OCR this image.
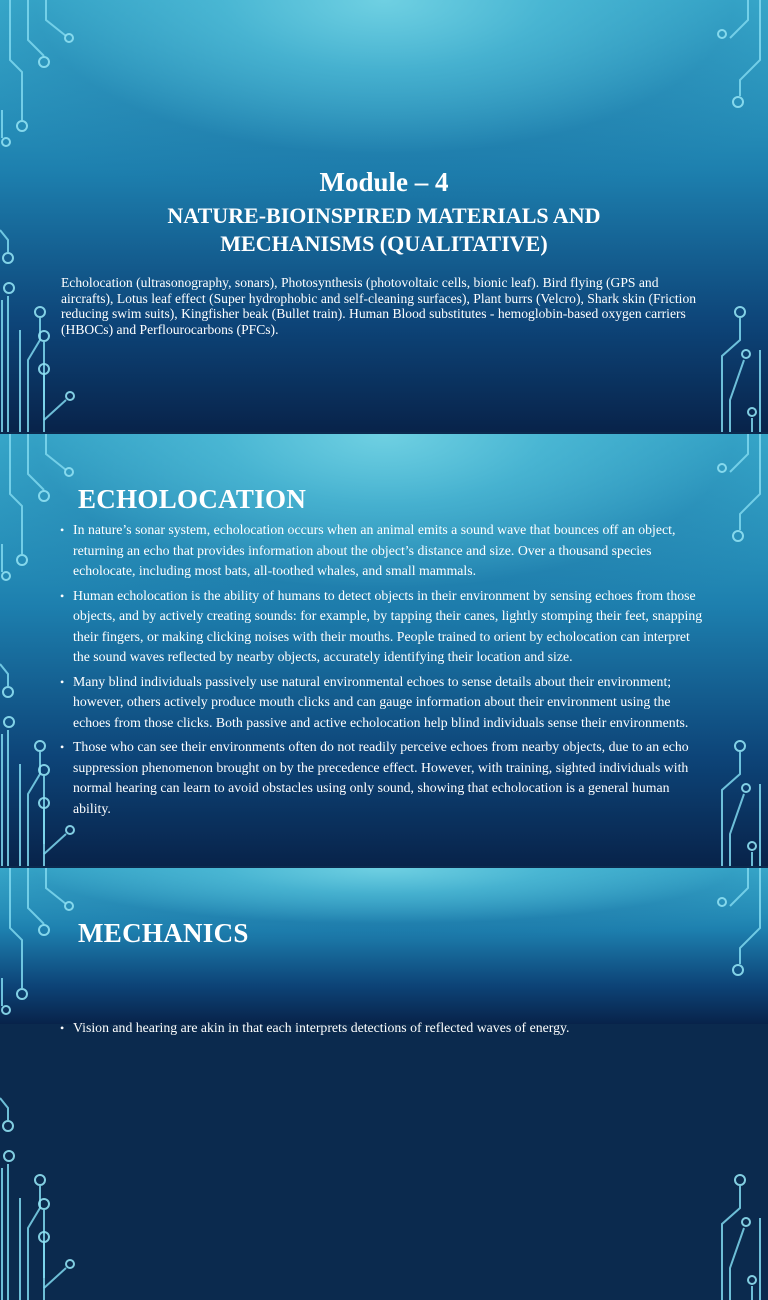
Module – 4
NATURE-BIOINSPIRED MATERIALS AND MECHANISMS (QUALITATIVE)

Echolocation (ultrasonography, sonars), Photosynthesis (photovoltaic cells, bionic leaf). Bird flying (GPS and aircrafts), Lotus leaf effect (Super hydrophobic and self-cleaning surfaces), Plant burrs (Velcro), Shark skin (Friction reducing swim suits), Kingfisher beak (Bullet train). Human Blood substitutes - hemoglobin-based oxygen carriers (HBOCs) and Perflourocarbons (PFCs).

ECHOLOCATION
• In nature’s sonar system, echolocation occurs when an animal emits a sound wave that bounces off an object, returning an echo that provides information about the object’s distance and size. Over a thousand species echolocate, including most bats, all-toothed whales, and small mammals.
• Human echolocation is the ability of humans to detect objects in their environment by sensing echoes from those objects, and by actively creating sounds: for example, by tapping their canes, lightly stomping their feet, snapping their fingers, or making clicking noises with their mouths. People trained to orient by echolocation can interpret the sound waves reflected by nearby objects, accurately identifying their location and size.
• Many blind individuals passively use natural environmental echoes to sense details about their environment; however, others actively produce mouth clicks and can gauge information about their environment using the echoes from those clicks. Both passive and active echolocation help blind individuals sense their environments.
• Those who can see their environments often do not readily perceive echoes from nearby objects, due to an echo suppression phenomenon brought on by the precedence effect. However, with training, sighted individuals with normal hearing can learn to avoid obstacles using only sound, showing that echolocation is a general human ability.
MECHANICS
• Vision and hearing are akin in that each interprets detections of reflected waves of energy.
